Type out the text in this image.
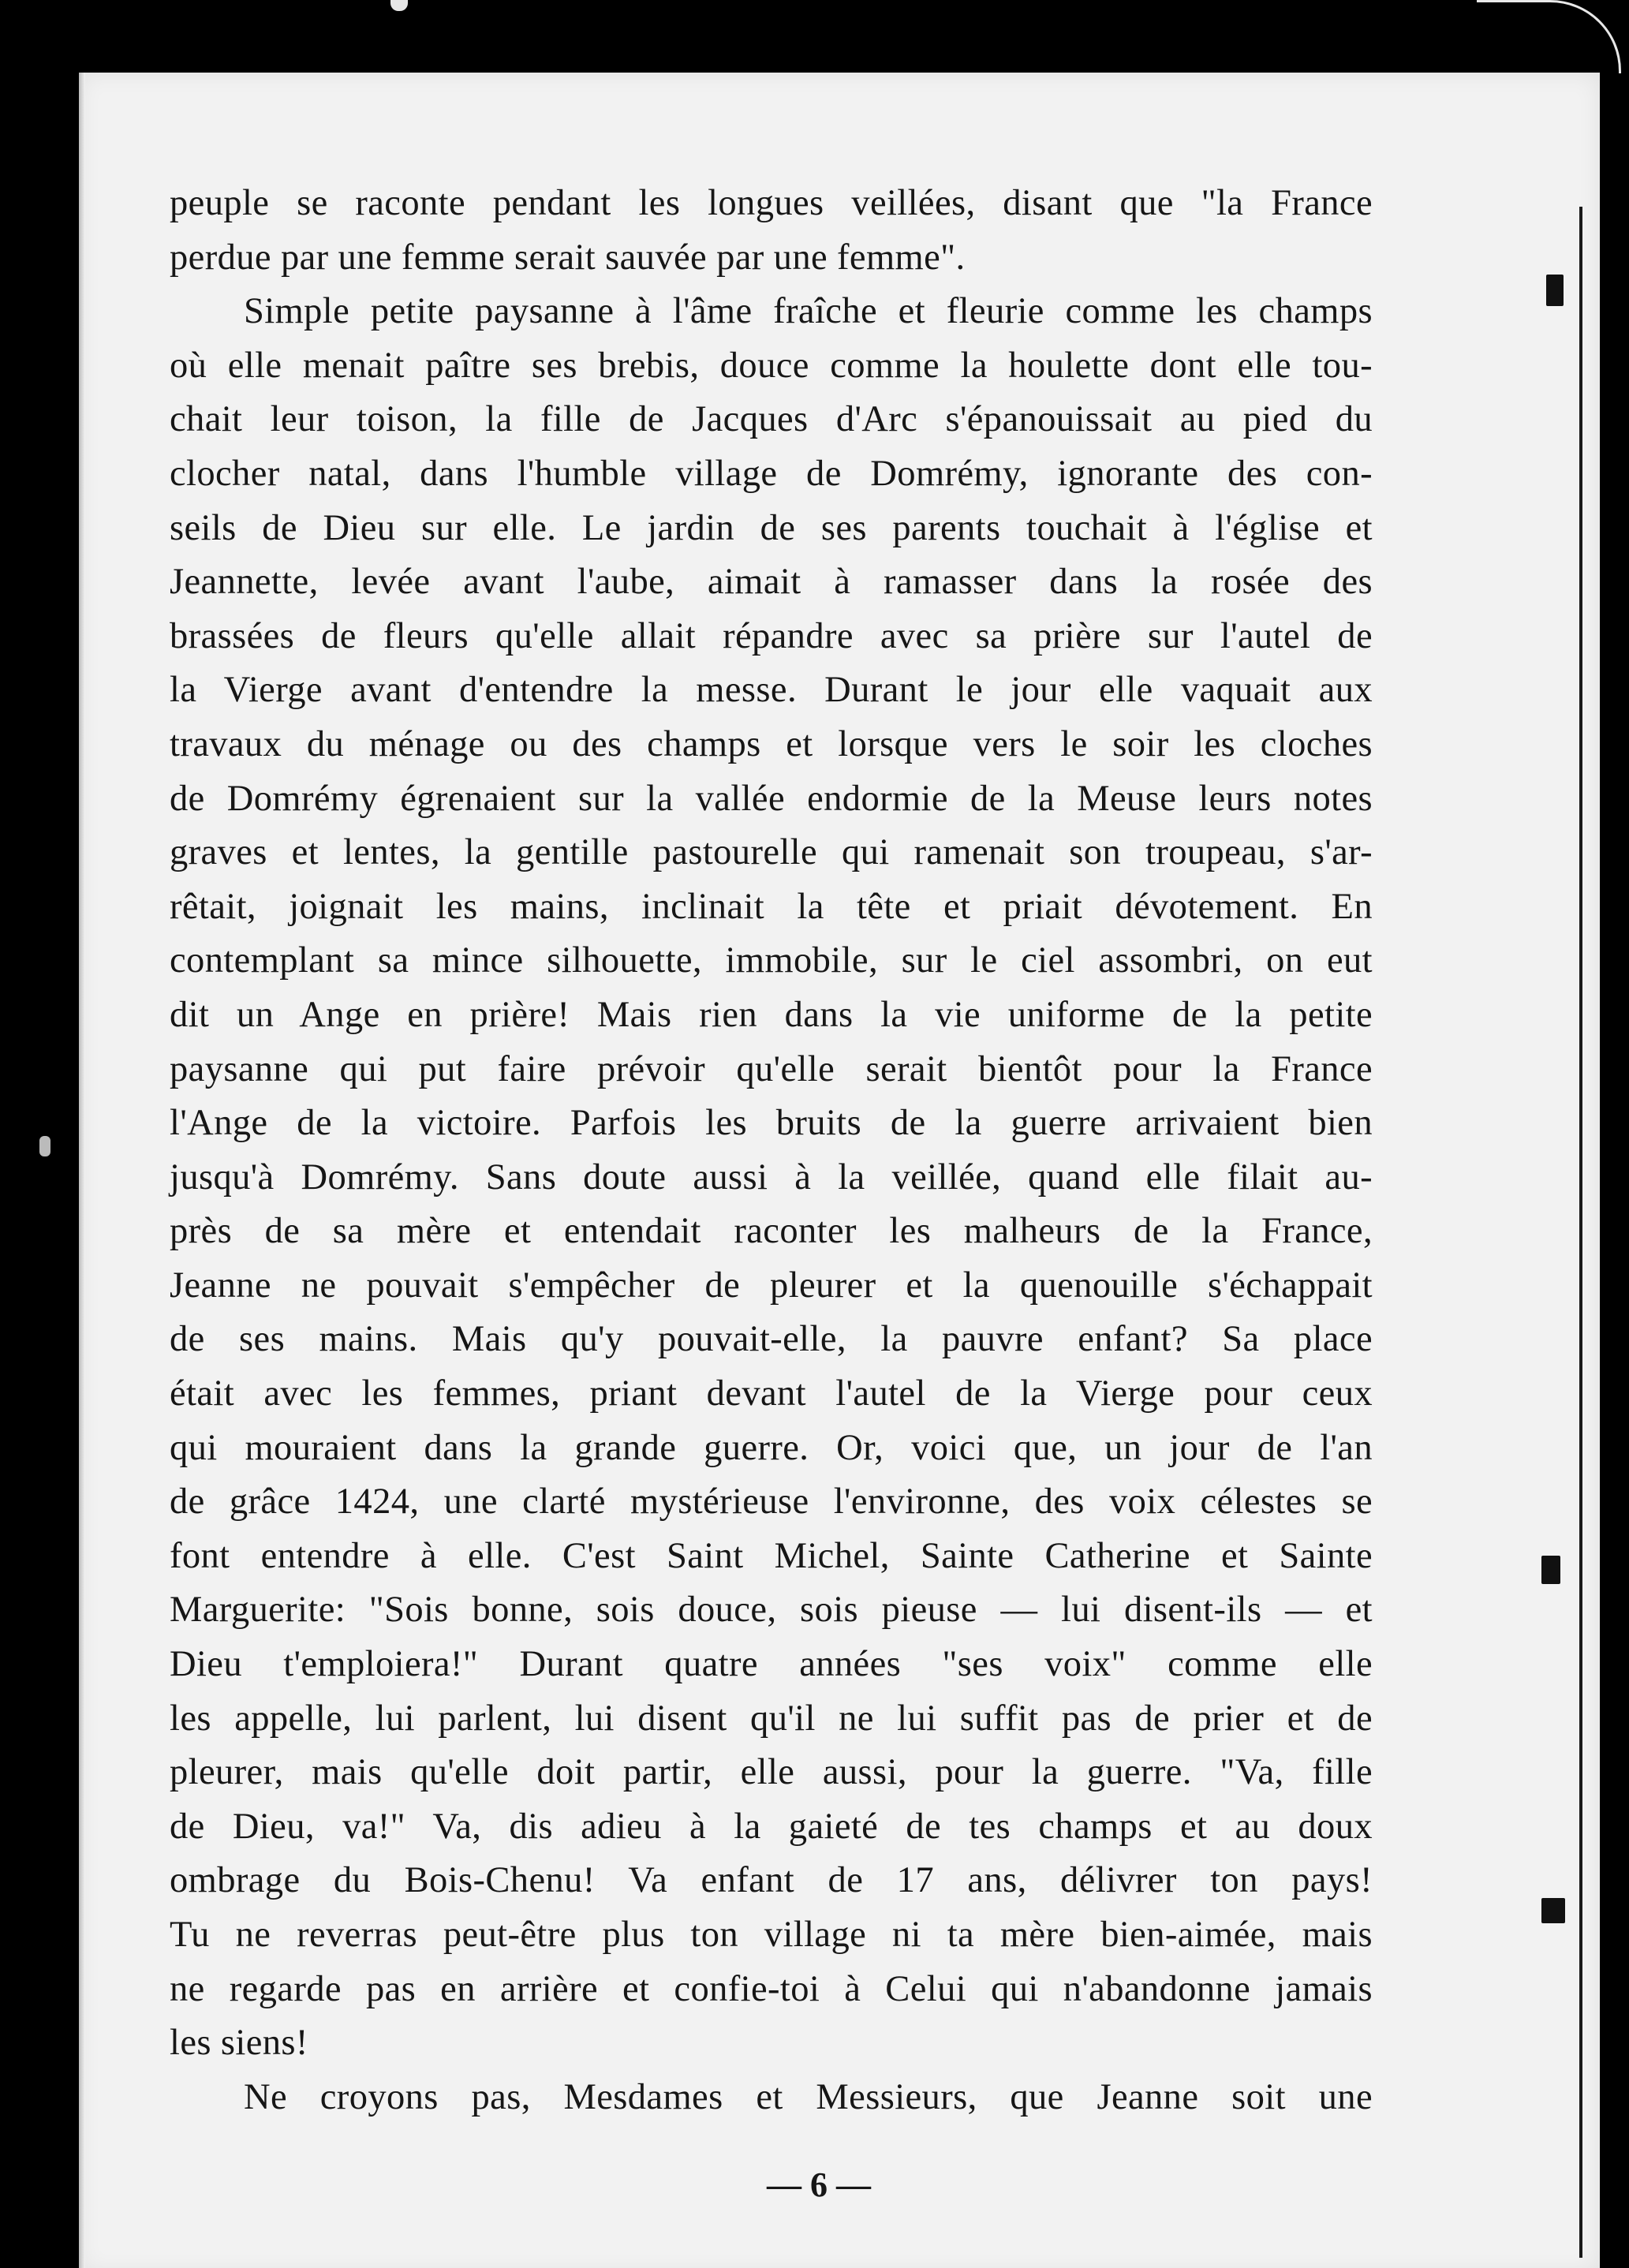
peuple se raconte pendant les longues veillées, disant que "la France
perdue par une femme serait sauvée par une femme".

Simple petite paysanne à l'âme fraîche et fleurie comme les champs
où elle menait paître ses brebis, douce comme la houlette dont elle tou-
chait leur toison, la fille de Jacques d'Arc s'épanouissait au pied du
clocher natal, dans l'humble village de Domrémy, ignorante des con-
seils de Dieu sur elle. Le jardin de ses parents touchait à l'église et
Jeannette, levée avant l'aube, aimait à ramasser dans la rosée des
brassées de fleurs qu'elle allait répandre avec sa prière sur l'autel de
la Vierge avant d'entendre la messe. Durant le jour elle vaquait aux
travaux du ménage ou des champs et lorsque vers le soir les cloches
de Domrémy égrenaient sur la vallée endormie de la Meuse leurs notes
graves et lentes, la gentille pastourelle qui ramenait son troupeau, s'ar-
rêtait, joignait les mains, inclinait la tête et priait dévotement. En
contemplant sa mince silhouette, immobile, sur le ciel assombri, on eut
dit un Ange en prière! Mais rien dans la vie uniforme de la petite
paysanne qui put faire prévoir qu'elle serait bientôt pour la France
l'Ange de la victoire. Parfois les bruits de la guerre arrivaient bien
jusqu'à Domrémy. Sans doute aussi à la veillée, quand elle filait au-
près de sa mère et entendait raconter les malheurs de la France,
Jeanne ne pouvait s'empêcher de pleurer et la quenouille s'échappait
de ses mains. Mais qu'y pouvait-elle, la pauvre enfant? Sa place
était avec les femmes, priant devant l'autel de la Vierge pour ceux
qui mouraient dans la grande guerre. Or, voici que, un jour de l'an
de grâce 1424, une clarté mystérieuse l'environne, des voix célestes se
font entendre à elle. C'est Saint Michel, Sainte Catherine et Sainte
Marguerite: "Sois bonne, sois douce, sois pieuse — lui disent-ils — et
Dieu t'emploiera!" Durant quatre années "ses voix" comme elle
les appelle, lui parlent, lui disent qu'il ne lui suffit pas de prier et de
pleurer, mais qu'elle doit partir, elle aussi, pour la guerre. "Va, fille
de Dieu, va!" Va, dis adieu à la gaieté de tes champs et au doux
ombrage du Bois-Chenu! Va enfant de 17 ans, délivrer ton pays!
Tu ne reverras peut-être plus ton village ni ta mère bien-aimée, mais
ne regarde pas en arrière et confie-toi à Celui qui n'abandonne jamais
les siens!

Ne croyons pas, Mesdames et Messieurs, que Jeanne soit une

— 6 —
